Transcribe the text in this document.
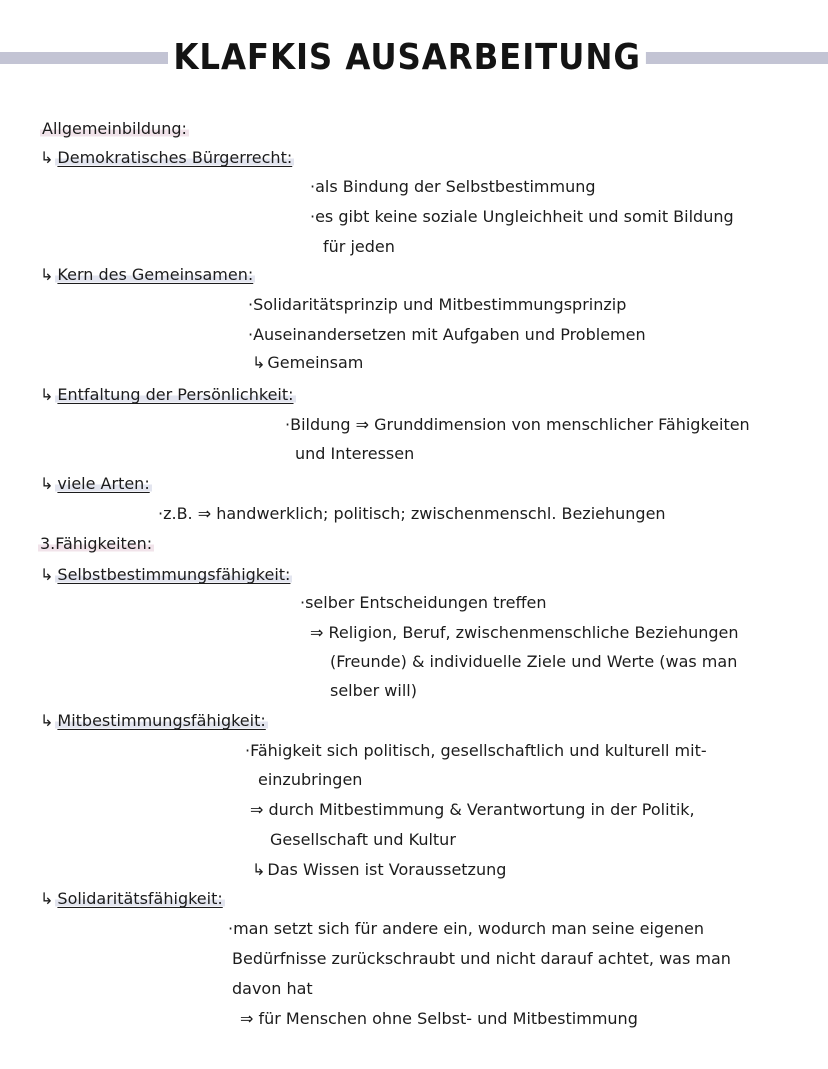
KLAFKIS AUSARBEITUNG
Allgemeinbildung:
↳ Demokratisches Bürgerrecht:
·als Bindung der Selbstbestimmung
·es gibt keine soziale Ungleichheit und somit Bildung
für jeden
↳ Kern des Gemeinsamen:
·Solidaritätsprinzip und Mitbestimmungsprinzip
·Auseinandersetzen mit Aufgaben und Problemen
↳ Gemeinsam
↳ Entfaltung der Persönlichkeit:
·Bildung ⇒ Grunddimension von menschlicher Fähigkeiten
und Interessen
↳ viele Arten:
·z.B. ⇒ handwerklich; politisch; zwischenmenschl. Beziehungen
3.Fähigkeiten:
↳ Selbstbestimmungsfähigkeit:
·selber Entscheidungen treffen
⇒ Religion, Beruf, zwischenmenschliche Beziehungen
(Freunde) & individuelle Ziele und Werte (was man
selber will)
↳ Mitbestimmungsfähigkeit:
·Fähigkeit sich politisch, gesellschaftlich und kulturell mit-
einzubringen
⇒ durch Mitbestimmung & Verantwortung in der Politik,
Gesellschaft und Kultur
↳ Das Wissen ist Voraussetzung
↳ Solidaritätsfähigkeit:
·man setzt sich für andere ein, wodurch man seine eigenen
Bedürfnisse zurückschraubt und nicht darauf achtet, was man
davon hat
⇒ für Menschen ohne Selbst- und Mitbestimmung
